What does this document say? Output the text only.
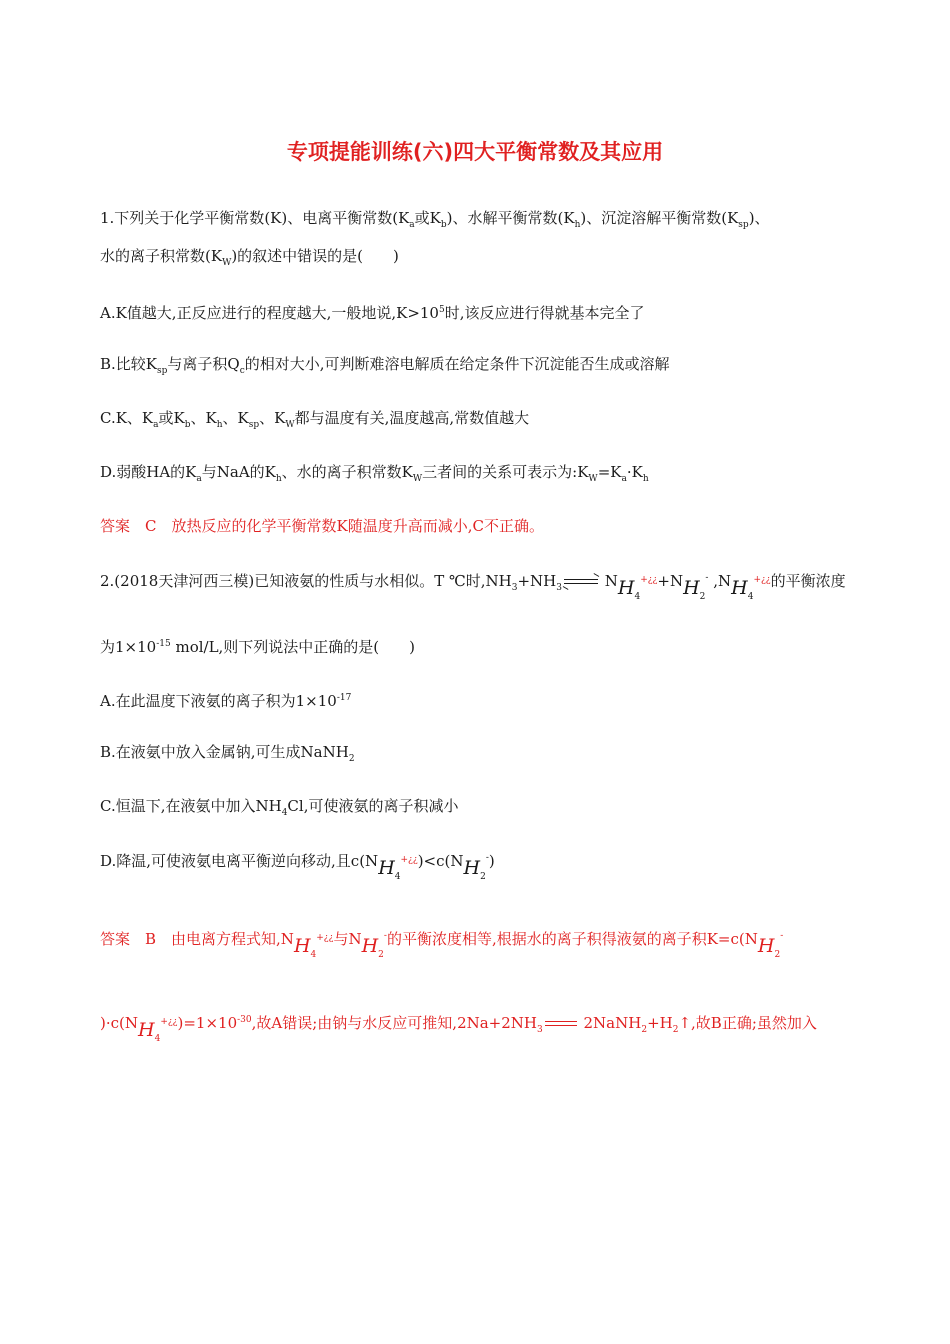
专项提能训练(六)四大平衡常数及其应用
1.下列关于化学平衡常数(K)、电离平衡常数($K_a$或$K_b$)、水解平衡常数$(K_h)$、沉淀溶解平衡常数$(K_{sp})$、
水的离子积常数$(K_W)$的叙述中错误的是(　　)
A.K值越大,正反应进行的程度越大,一般地说$,K>10^5$时,该反应进行得就基本完全了
B.比较$K_{sp}$与离子积$Q_c$的相对大小,可判断难溶电解质在给定条件下沉淀能否生成或溶解
C.K、$K_a$或$K_b$、$K_h$、$K_{sp}$、$K_W$都与温度有关,温度越高,常数值越大
D.弱酸HA的$K_a$与NaA的$K_h$、水的离子积常数$K_W$三者间的关系可表示为$:K_W=K_a\cdot K_h$
答案　C　放热反应的化学平衡常数K随温度升高而减小,C不正确。
2.(2018天津河西三模)已知液氨的性质与水相似。T ℃时$,NH_3+NH_3$	$NH_4^{+¿¿}+NH_2^-$ $,NH_4^{+¿¿}$的平衡浓度
为$1\times 10^{-15}$ mol/L,则下列说法中正确的是(　　)
A.在此温度下液氨的离子积为$1\times 10^{-17}$
B.在液氨中放入金属钠,可生成NaNH$_2$
C.恒温下,在液氨中加入$NH_4Cl$,可使液氨的离子积减小
D.降温,可使液氨电离平衡逆向移动,且$c(NH_4^{+¿¿})<c(NH_2^-)$
答案　B　由电离方程式知$,NH_4^{+¿¿}$与$NH_2^-$的平衡浓度相等,根据水的离子积得液氨的离子积$K=c(NH_2^-$
)$\cdot c(NH_4^{+¿¿})=1\times 10^{-30}$,故A错误;由钠与水反应可推知$,2Na+2NH_3$ $2NaNH_2+H_2↑$,故B正确;虽然加入
